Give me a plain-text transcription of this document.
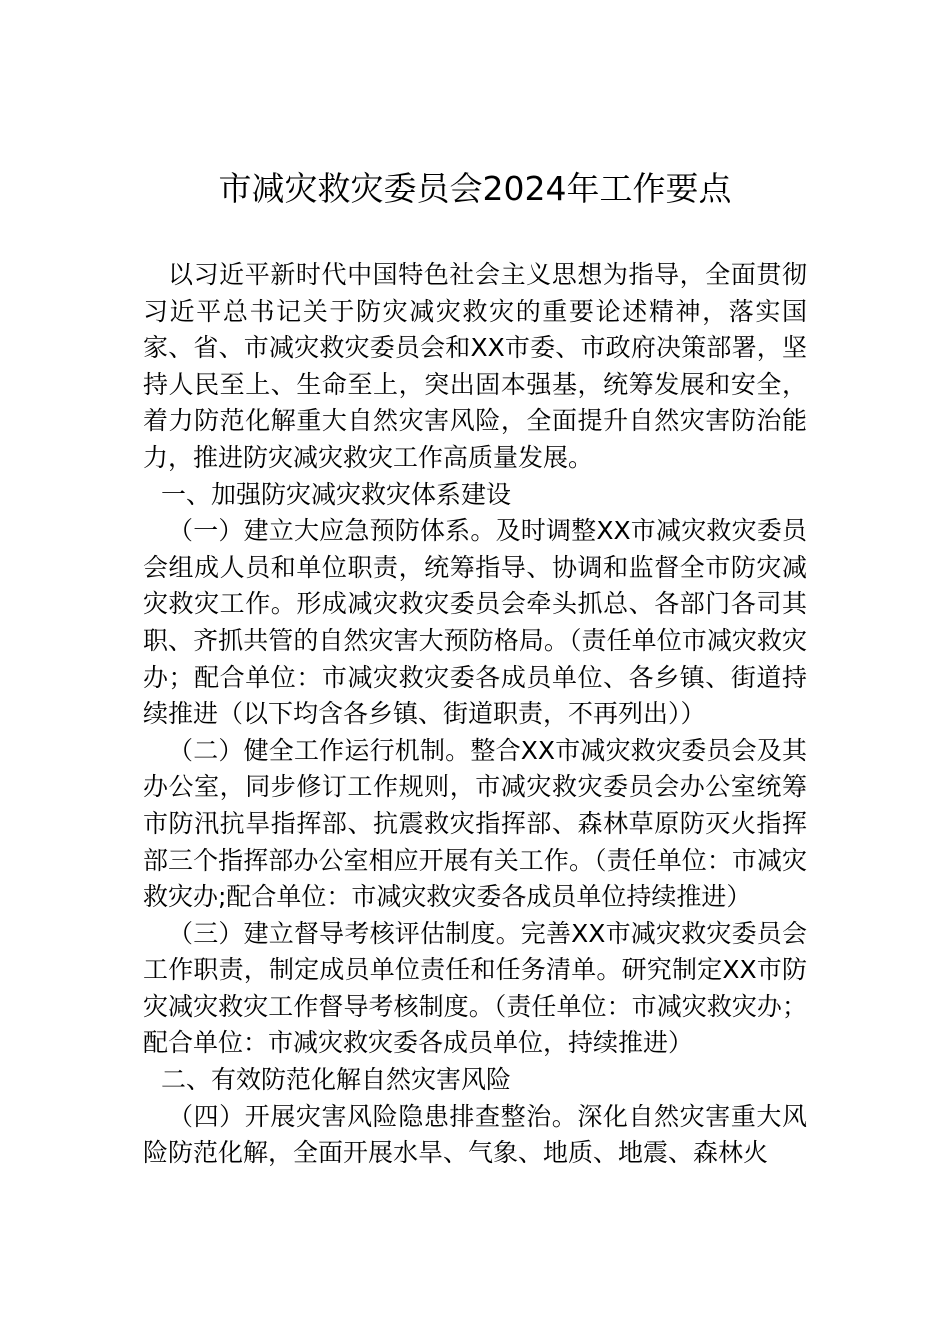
市减灾救灾委员会2024年工作要点

以习近平新时代中国特色社会主义思想为指导，全面贯彻习近平总书记关于防灾减灾救灾的重要论述精神，落实国家、省、市减灾救灾委员会和XX市委、市政府决策部署，坚持人民至上、生命至上，突出固本强基，统筹发展和安全，着力防范化解重大自然灾害风险，全面提升自然灾害防治能力，推进防灾减灾救灾工作高质量发展。

一、加强防灾减灾救灾体系建设

（一）建立大应急预防体系。及时调整XX市减灾救灾委员会组成人员和单位职责，统筹指导、协调和监督全市防灾减灾救灾工作。形成减灾救灾委员会牵头抓总、各部门各司其职、齐抓共管的自然灾害大预防格局。（责任单位市减灾救灾办；配合单位：市减灾救灾委各成员单位、各乡镇、街道持续推进（以下均含各乡镇、街道职责，不再列出））

（二）健全工作运行机制。整合XX市减灾救灾委员会及其办公室，同步修订工作规则，市减灾救灾委员会办公室统筹市防汛抗旱指挥部、抗震救灾指挥部、森林草原防灭火指挥部三个指挥部办公室相应开展有关工作。（责任单位：市减灾救灾办;配合单位：市减灾救灾委各成员单位持续推进）

（三）建立督导考核评估制度。完善XX市减灾救灾委员会工作职责，制定成员单位责任和任务清单。研究制定XX市防灾减灾救灾工作督导考核制度。（责任单位：市减灾救灾办；配合单位：市减灾救灾委各成员单位，持续推进）

二、有效防范化解自然灾害风险

（四）开展灾害风险隐患排查整治。深化自然灾害重大风险防范化解，全面开展水旱、气象、地质、地震、森林火
